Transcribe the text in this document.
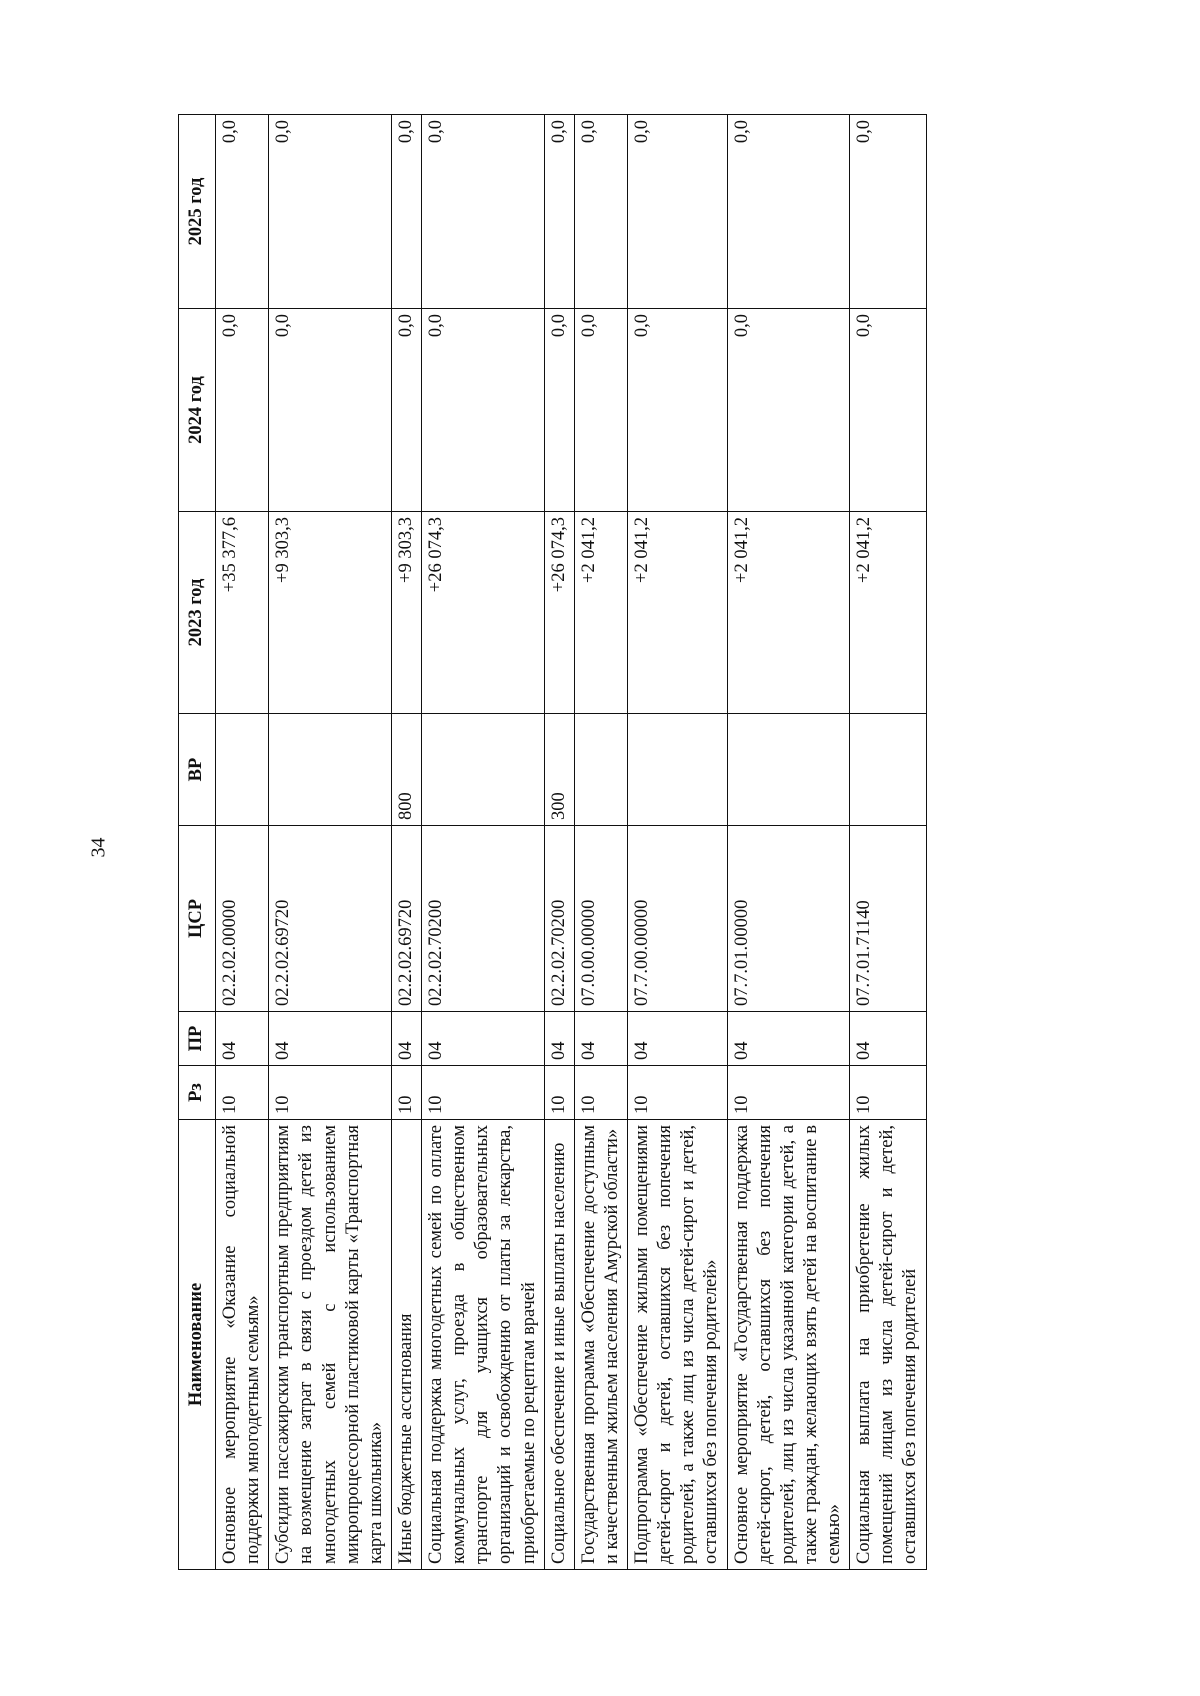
34
Наименование	Рз	ПР	ЦСР	ВР	2023 год	2024 год	2025 год
Основное мероприятие «Оказание социальной поддержки многодетным семьям»	10	04	02.2.02.00000		+35 377,6	0,0	0,0
Субсидии пассажирским транспортным предприятиям на возмещение затрат в связи с проездом детей из многодетных семей с использованием микропроцессорной пластиковой карты «Транспортная карта школьника»	10	04	02.2.02.69720		+9 303,3	0,0	0,0
Иные бюджетные ассигнования	10	04	02.2.02.69720	800	+9 303,3	0,0	0,0
Социальная поддержка многодетных семей по оплате коммунальных услуг, проезда в общественном транспорте для учащихся образовательных организаций и освобождению от платы за лекарства, приобретаемые по рецептам врачей	10	04	02.2.02.70200		+26 074,3	0,0	0,0
Социальное обеспечение и иные выплаты населению	10	04	02.2.02.70200	300	+26 074,3	0,0	0,0
Государственная программа «Обеспечение доступным и качественным жильем населения Амурской области»	10	04	07.0.00.00000		+2 041,2	0,0	0,0
Подпрограмма «Обеспечение жилыми помещениями детей-сирот и детей, оставшихся без попечения родителей, а также лиц из числа детей-сирот и детей, оставшихся без попечения родителей»	10	04	07.7.00.00000		+2 041,2	0,0	0,0
Основное мероприятие «Государственная поддержка детей-сирот, детей, оставшихся без попечения родителей, лиц из числа указанной категории детей, а также граждан, желающих взять детей на воспитание в семью»	10	04	07.7.01.00000		+2 041,2	0,0	0,0
Социальная выплата на приобретение жилых помещений лицам из числа детей-сирот и детей, оставшихся без попечения родителей	10	04	07.7.01.71140		+2 041,2	0,0	0,0
